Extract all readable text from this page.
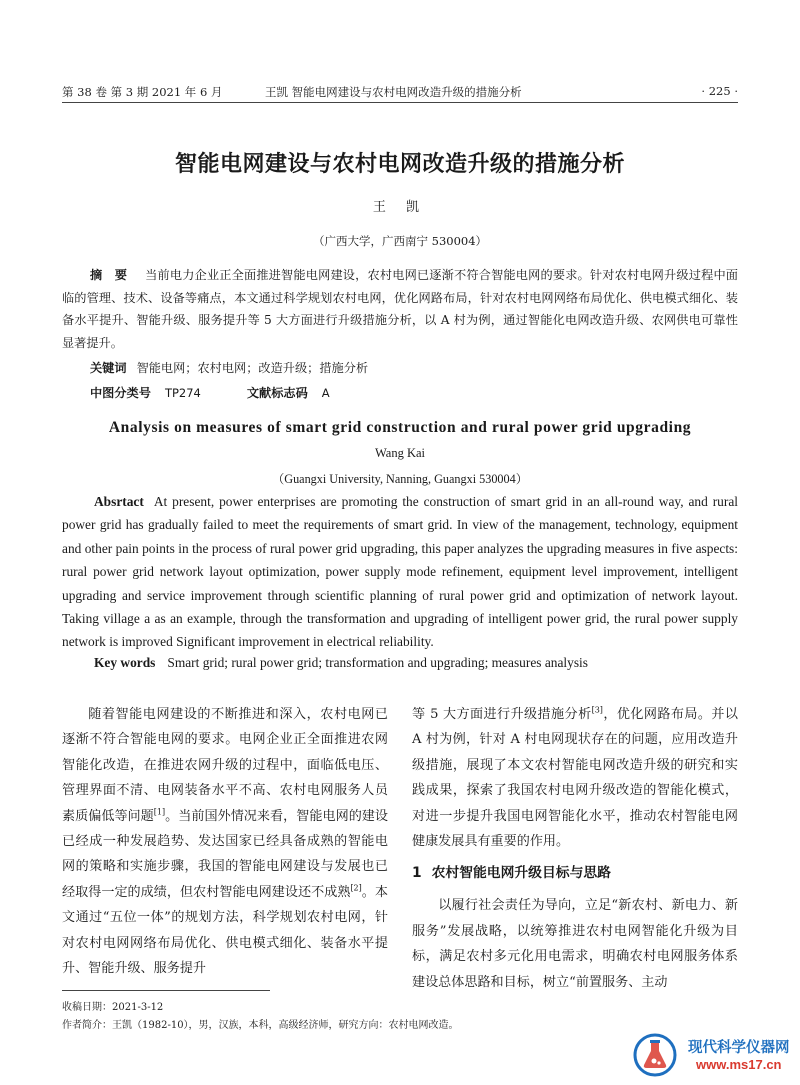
第 38 卷 第 3 期 2021 年 6 月	王凯 智能电网建设与农村电网改造升级的措施分析	· 225 ·
智能电网建设与农村电网改造升级的措施分析
王 凯
（广西大学，广西南宁 530004）
摘 要 当前电力企业正全面推进智能电网建设，农村电网已逐渐不符合智能电网的要求。针对农村电网升级过程中面临的管理、技术、设备等痛点，本文通过科学规划农村电网，优化网路布局，针对农村电网网络布局优化、供电模式细化、装备水平提升、智能升级、服务提升等 5 大方面进行升级措施分析，以 A 村为例，通过智能化电网改造升级、农网供电可靠性显著提升。
关键词 智能电网；农村电网；改造升级；措施分析
中图分类号 TP274	文献标志码 A
Analysis on measures of smart grid construction and rural power grid upgrading
Wang Kai
（Guangxi University, Nanning, Guangxi 530004）
Absrtact At present, power enterprises are promoting the construction of smart grid in an all-round way, and rural power grid has gradually failed to meet the requirements of smart grid. In view of the management, technology, equipment and other pain points in the process of rural power grid upgrading, this paper analyzes the upgrading measures in five aspects: rural power grid network layout optimization, power supply mode refinement, equipment level improvement, intelligent upgrading and service improvement through scientific planning of rural power grid and optimization of network layout. Taking village a as an example, through the transformation and upgrading of intelligent power grid, the rural power supply network is improved Significant improvement in electrical reliability.
Key words Smart grid; rural power grid; transformation and upgrading; measures analysis

随着智能电网建设的不断推进和深入，农村电网已逐渐不符合智能电网的要求。电网企业正全面推进农网智能化改造，在推进农网升级的过程中，面临低电压、管理界面不清、电网装备水平不高、农村电网服务人员素质偏低等问题[1]。当前国外情况来看，智能电网的建设已经成一种发展趋势、发达国家已经具备成熟的智能电网的策略和实施步骤，我国的智能电网建设与发展也已经取得一定的成绩，但农村智能电网建设还不成熟[2]。本文通过“五位一体”的规划方法，科学规划农村电网，针对农村电网网络布局优化、供电模式细化、装备水平提升、智能升级、服务提升

等 5 大方面进行升级措施分析[3]，优化网路布局。并以 A 村为例，针对 A 村电网现状存在的问题，应用改造升级措施，展现了本文农村智能电网改造升级的研究和实践成果，探索了我国农村电网升级改造的智能化模式，对进一步提升我国电网智能化水平，推动农村智能电网健康发展具有重要的作用。

1 农村智能电网升级目标与思路

以履行社会责任为导向，立足“新农村、新电力、新服务”发展战略，以统筹推进农村电网智能化升级为目标，满足农村多元化用电需求，明确农村电网服务体系建设总体思路和目标，树立“前置服务、主动

收稿日期：2021-3-12
作者简介：王凯（1982-10），男，汉族，本科，高级经济师，研究方向：农村电网改造。
现代科学仪器网
www.ms17.cn
